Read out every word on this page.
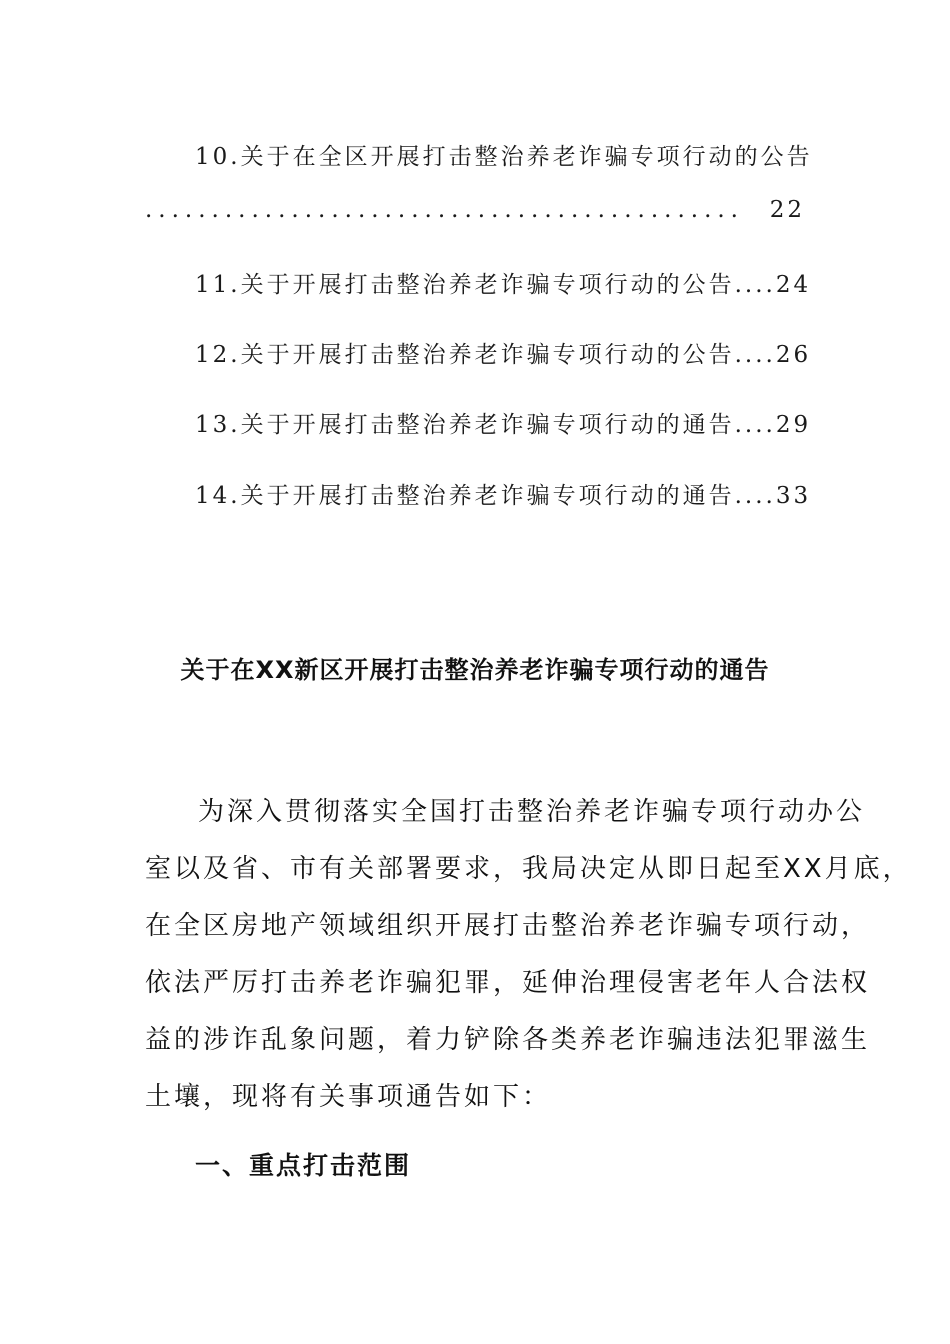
10.关于在全区开展打击整治养老诈骗专项行动的公告
.............................................	22
11.关于开展打击整治养老诈骗专项行动的公告....24
12.关于开展打击整治养老诈骗专项行动的公告....26
13.关于开展打击整治养老诈骗专项行动的通告....29
14.关于开展打击整治养老诈骗专项行动的通告....33
关于在XX新区开展打击整治养老诈骗专项行动的通告
为深入贯彻落实全国打击整治养老诈骗专项行动办公
室以及省、市有关部署要求，我局决定从即日起至XX月底，
在全区房地产领域组织开展打击整治养老诈骗专项行动，
依法严厉打击养老诈骗犯罪，延伸治理侵害老年人合法权
益的涉诈乱象问题，着力铲除各类养老诈骗违法犯罪滋生
土壤，现将有关事项通告如下：
一、重点打击范围
